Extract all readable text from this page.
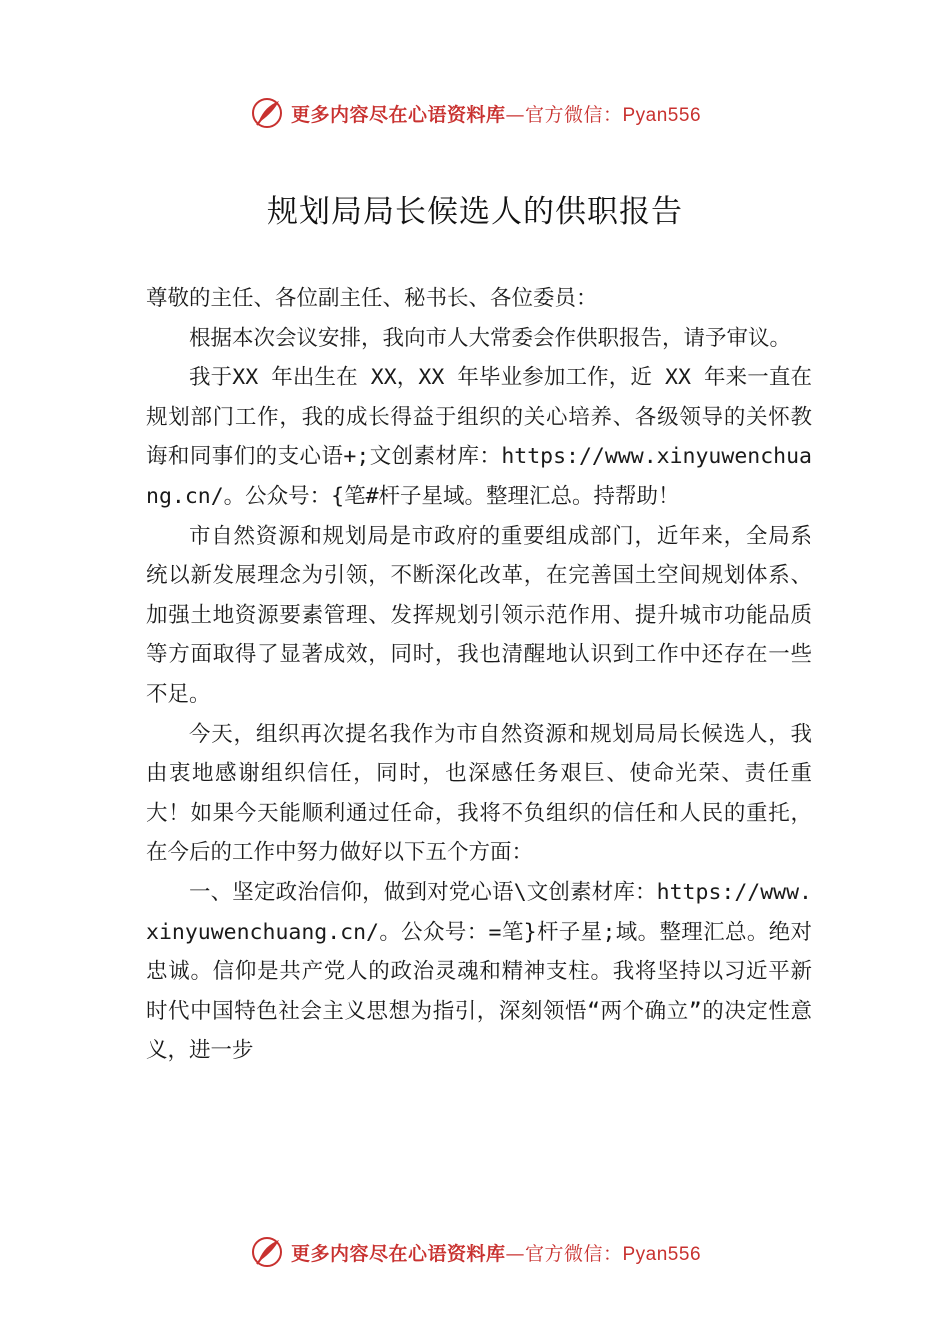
更多内容尽在心语资料库—官方微信：Pyan556
规划局局长候选人的供职报告

尊敬的主任、各位副主任、秘书长、各位委员：

根据本次会议安排，我向市人大常委会作供职报告，请予审议。

我于XX 年出生在 XX，XX 年毕业参加工作，近 XX 年来一直在规划部门工作，我的成长得益于组织的关心培养、各级领导的关怀教诲和同事们的支心语+;文创素材库：https://www.xinyuwenchuang.cn/。公众号：{笔#杆子星域。整理汇总。持帮助！

市自然资源和规划局是市政府的重要组成部门，近年来，全局系统以新发展理念为引领，不断深化改革，在完善国土空间规划体系、加强土地资源要素管理、发挥规划引领示范作用、提升城市功能品质等方面取得了显著成效，同时，我也清醒地认识到工作中还存在一些不足。

今天，组织再次提名我作为市自然资源和规划局局长候选人，我由衷地感谢组织信任，同时，也深感任务艰巨、使命光荣、责任重大！如果今天能顺利通过任命，我将不负组织的信任和人民的重托，在今后的工作中努力做好以下五个方面：

一、坚定政治信仰，做到对党心语\文创素材库：https://www.xinyuwenchuang.cn/。公众号：=笔}杆子星;域。整理汇总。绝对忠诚。信仰是共产党人的政治灵魂和精神支柱。我将坚持以习近平新时代中国特色社会主义思想为指引，深刻领悟“两个确立”的决定性意义，进一步

更多内容尽在心语资料库—官方微信：Pyan556
